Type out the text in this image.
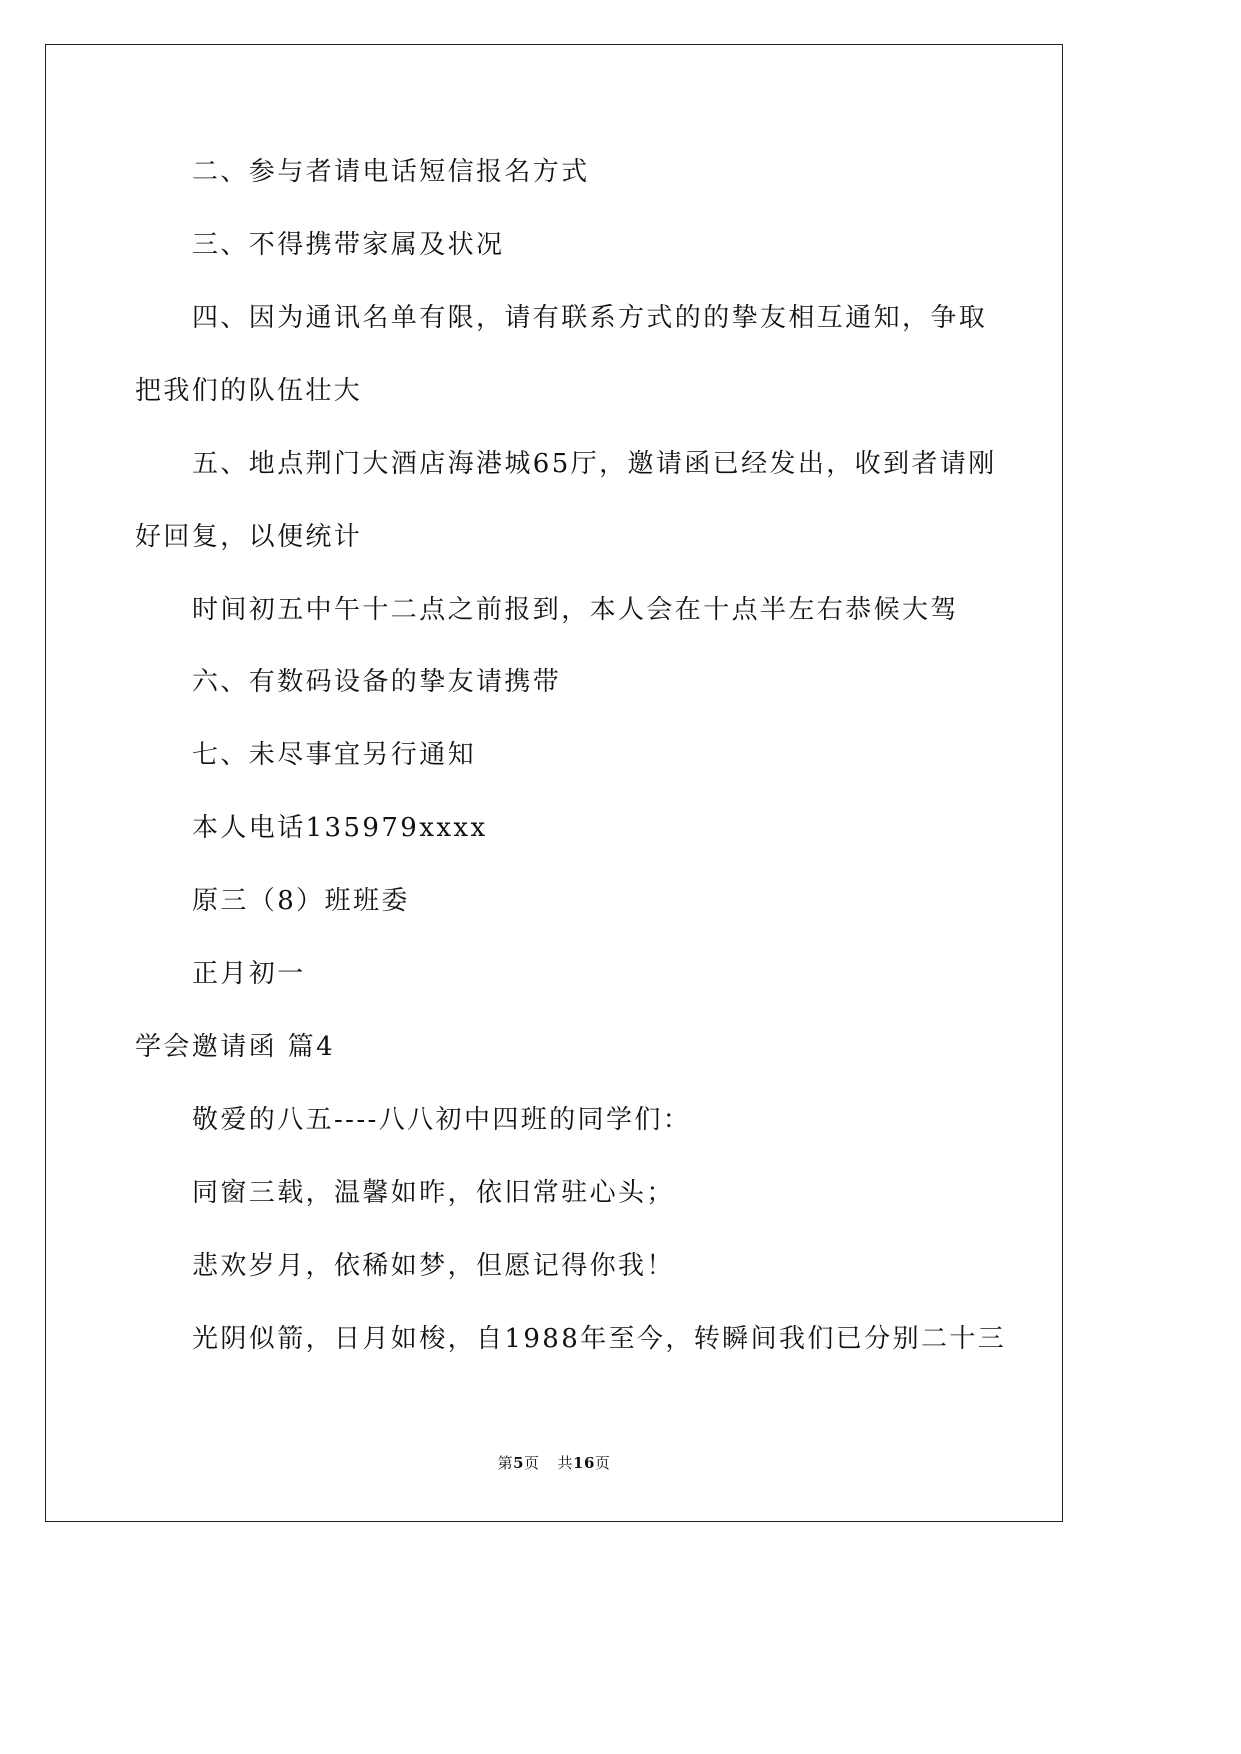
二、参与者请电话短信报名方式
三、不得携带家属及状况
四、因为通讯名单有限，请有联系方式的的挚友相互通知，争取
把我们的队伍壮大
五、地点荆门大酒店海港城65厅，邀请函已经发出，收到者请刚
好回复，以便统计
时间初五中午十二点之前报到，本人会在十点半左右恭候大驾
六、有数码设备的挚友请携带
七、未尽事宜另行通知
本人电话135979xxxx
原三（8）班班委
正月初一
学会邀请函 篇4
敬爱的八五----八八初中四班的同学们：
同窗三载，温馨如昨，依旧常驻心头；
悲欢岁月，依稀如梦，但愿记得你我！
光阴似箭，日月如梭，自1988年至今，转瞬间我们已分别二十三
第5页 共16页
